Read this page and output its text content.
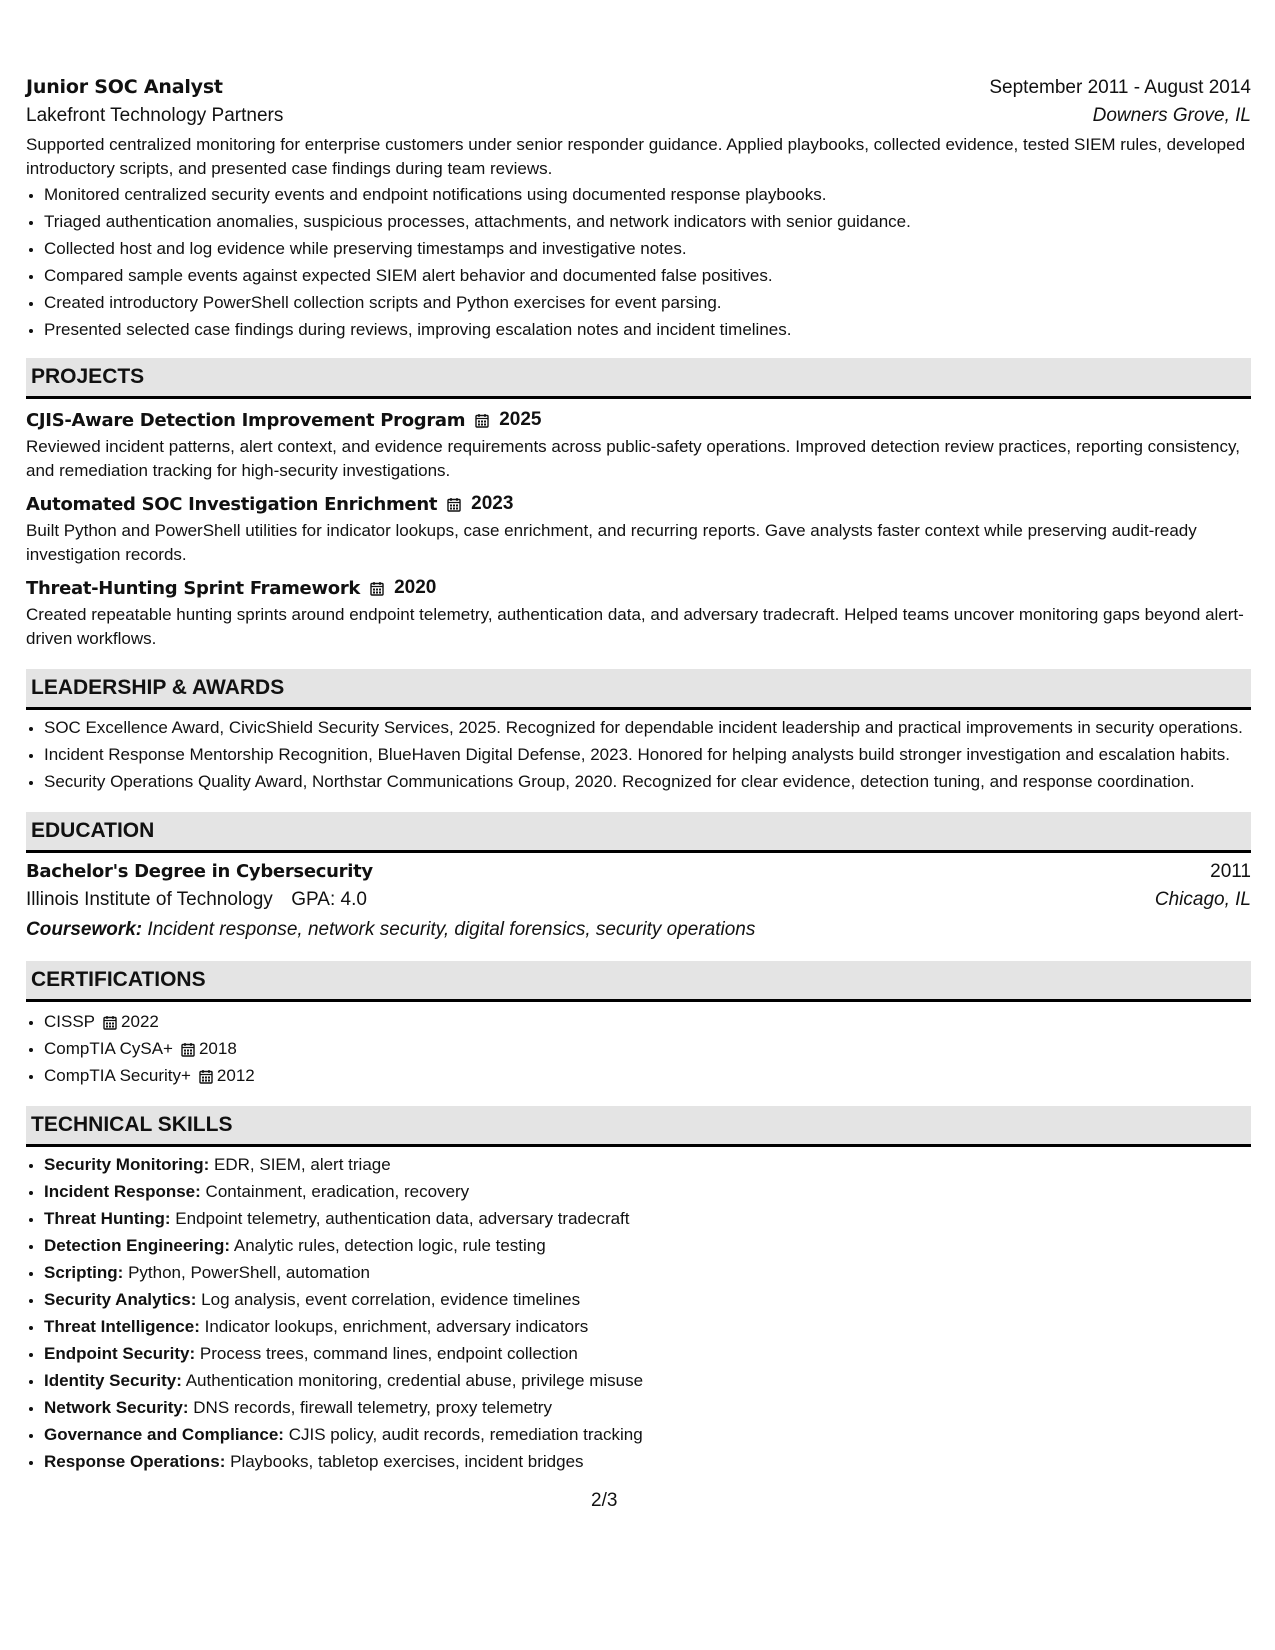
Junior SOC Analyst	September 2011 - August 2014
Lakefront Technology Partners	Downers Grove, IL
Supported centralized monitoring for enterprise customers under senior responder guidance. Applied playbooks, collected evidence, tested SIEM rules, developed introductory scripts, and presented case findings during team reviews.
• Monitored centralized security events and endpoint notifications using documented response playbooks.
• Triaged authentication anomalies, suspicious processes, attachments, and network indicators with senior guidance.
• Collected host and log evidence while preserving timestamps and investigative notes.
• Compared sample events against expected SIEM alert behavior and documented false positives.
• Created introductory PowerShell collection scripts and Python exercises for event parsing.
• Presented selected case findings during reviews, improving escalation notes and incident timelines.
PROJECTS
CJIS-Aware Detection Improvement Program 2025
Reviewed incident patterns, alert context, and evidence requirements across public-safety operations. Improved detection review practices, reporting consistency, and remediation tracking for high-security investigations.
Automated SOC Investigation Enrichment 2023
Built Python and PowerShell utilities for indicator lookups, case enrichment, and recurring reports. Gave analysts faster context while preserving audit-ready investigation records.
Threat-Hunting Sprint Framework 2020
Created repeatable hunting sprints around endpoint telemetry, authentication data, and adversary tradecraft. Helped teams uncover monitoring gaps beyond alert-driven workflows.
LEADERSHIP & AWARDS
• SOC Excellence Award, CivicShield Security Services, 2025. Recognized for dependable incident leadership and practical improvements in security operations.
• Incident Response Mentorship Recognition, BlueHaven Digital Defense, 2023. Honored for helping analysts build stronger investigation and escalation habits.
• Security Operations Quality Award, Northstar Communications Group, 2020. Recognized for clear evidence, detection tuning, and response coordination.
EDUCATION
Bachelor's Degree in Cybersecurity	2011
Illinois Institute of Technology GPA: 4.0	Chicago, IL
Coursework: Incident response, network security, digital forensics, security operations
CERTIFICATIONS
• CISSP 2022
• CompTIA CySA+ 2018
• CompTIA Security+ 2012
TECHNICAL SKILLS
• Security Monitoring: EDR, SIEM, alert triage
• Incident Response: Containment, eradication, recovery
• Threat Hunting: Endpoint telemetry, authentication data, adversary tradecraft
• Detection Engineering: Analytic rules, detection logic, rule testing
• Scripting: Python, PowerShell, automation
• Security Analytics: Log analysis, event correlation, evidence timelines
• Threat Intelligence: Indicator lookups, enrichment, adversary indicators
• Endpoint Security: Process trees, command lines, endpoint collection
• Identity Security: Authentication monitoring, credential abuse, privilege misuse
• Network Security: DNS records, firewall telemetry, proxy telemetry
• Governance and Compliance: CJIS policy, audit records, remediation tracking
• Response Operations: Playbooks, tabletop exercises, incident bridges
2/3
